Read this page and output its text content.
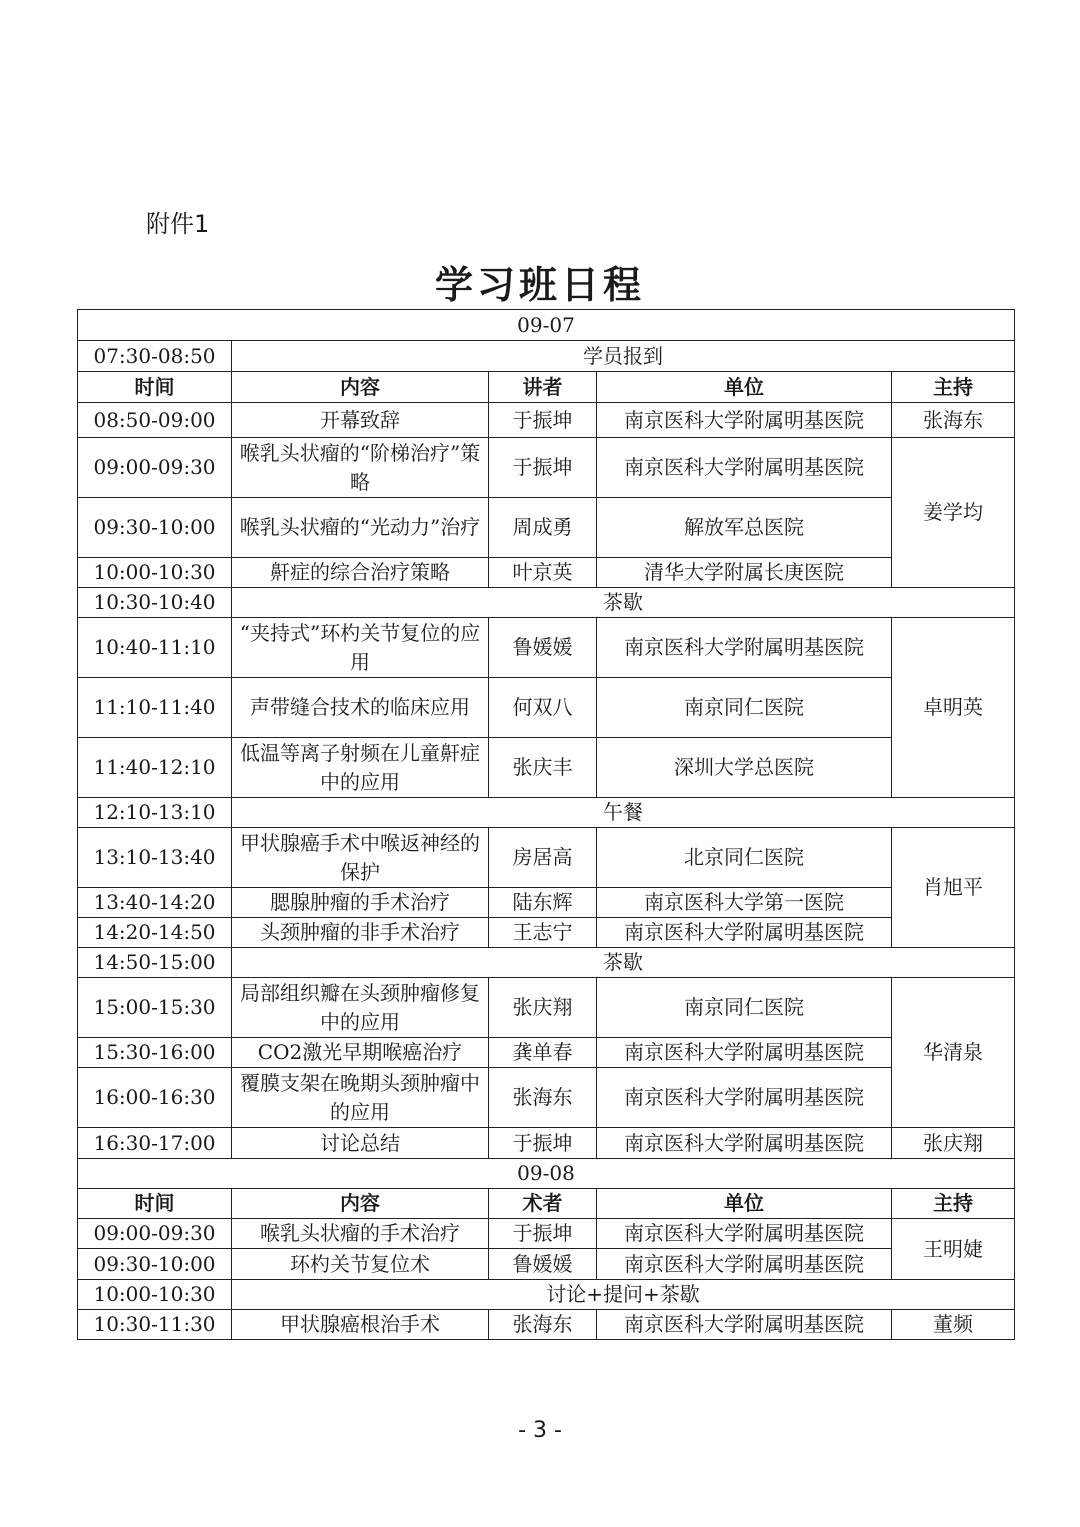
附件1
学习班日程
09-07				
07:30-08:50	学员报到			
时间	内容	讲者	单位	主持
08:50-09:00	开幕致辞	于振坤	南京医科大学附属明基医院	张海东
09:00-09:30	喉乳头状瘤的“阶梯治疗”策略	于振坤	南京医科大学附属明基医院	姜学均
09:30-10:00	喉乳头状瘤的“光动力”治疗	周成勇	解放军总医院	
10:00-10:30	鼾症的综合治疗策略	叶京英	清华大学附属长庚医院	
10:30-10:40	茶歇			
10:40-11:10	“夹持式”环杓关节复位的应用	鲁媛媛	南京医科大学附属明基医院	卓明英
11:10-11:40	声带缝合技术的临床应用	何双八	南京同仁医院	
11:40-12:10	低温等离子射频在儿童鼾症中的应用	张庆丰	深圳大学总医院	
12:10-13:10	午餐			
13:10-13:40	甲状腺癌手术中喉返神经的保护	房居高	北京同仁医院	肖旭平
13:40-14:20	腮腺肿瘤的手术治疗	陆东辉	南京医科大学第一医院	
14:20-14:50	头颈肿瘤的非手术治疗	王志宁	南京医科大学附属明基医院	
14:50-15:00	茶歇			
15:00-15:30	局部组织瓣在头颈肿瘤修复中的应用	张庆翔	南京同仁医院	华清泉
15:30-16:00	CO2激光早期喉癌治疗	龚单春	南京医科大学附属明基医院	
16:00-16:30	覆膜支架在晚期头颈肿瘤中的应用	张海东	南京医科大学附属明基医院	
16:30-17:00	讨论总结	于振坤	南京医科大学附属明基医院	张庆翔
09-08				
时间	内容	术者	单位	主持
09:00-09:30	喉乳头状瘤的手术治疗	于振坤	南京医科大学附属明基医院	王明婕
09:30-10:00	环杓关节复位术	鲁媛媛	南京医科大学附属明基医院	
10:00-10:30	讨论+提问+茶歇			
10:30-11:30	甲状腺癌根治手术	张海东	南京医科大学附属明基医院	董频
- 3 -
